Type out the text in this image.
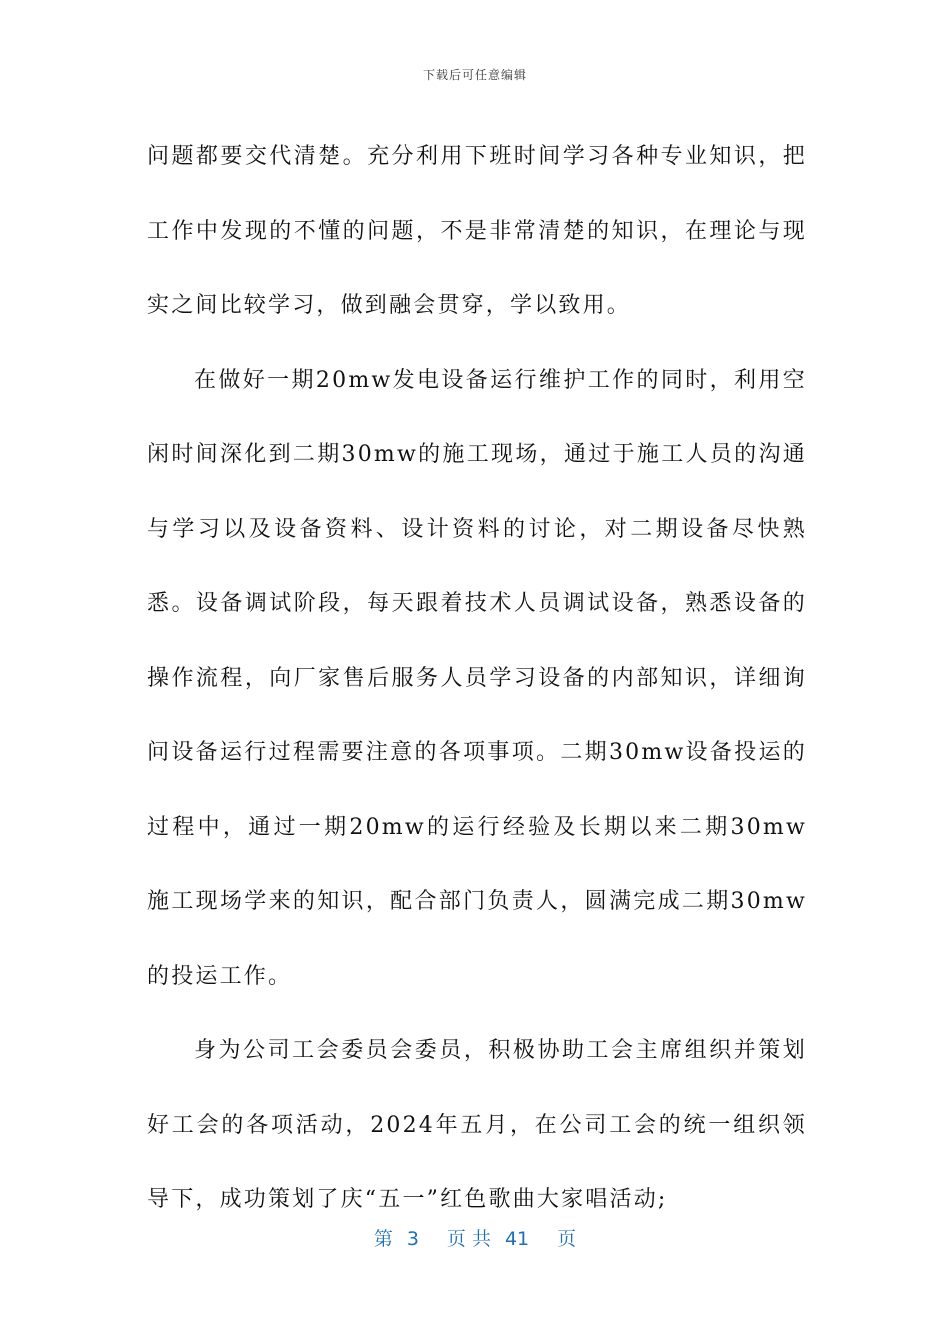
下载后可任意编辑

问题都要交代清楚。充分利用下班时间学习各种专业知识，把工作中发现的不懂的问题，不是非常清楚的知识，在理论与现实之间比较学习，做到融会贯穿，学以致用。

在做好一期20mw发电设备运行维护工作的同时，利用空闲时间深化到二期30mw的施工现场，通过于施工人员的沟通与学习以及设备资料、设计资料的讨论，对二期设备尽快熟悉。设备调试阶段，每天跟着技术人员调试设备，熟悉设备的操作流程，向厂家售后服务人员学习设备的内部知识，详细询问设备运行过程需要注意的各项事项。二期30mw设备投运的过程中，通过一期20mw的运行经验及长期以来二期30mw施工现场学来的知识，配合部门负责人，圆满完成二期30mw的投运工作。

身为公司工会委员会委员，积极协助工会主席组织并策划好工会的各项活动，2024年五月，在公司工会的统一组织领导下，成功策划了庆“五一”红色歌曲大家唱活动;

第 3 页 共 41 页
